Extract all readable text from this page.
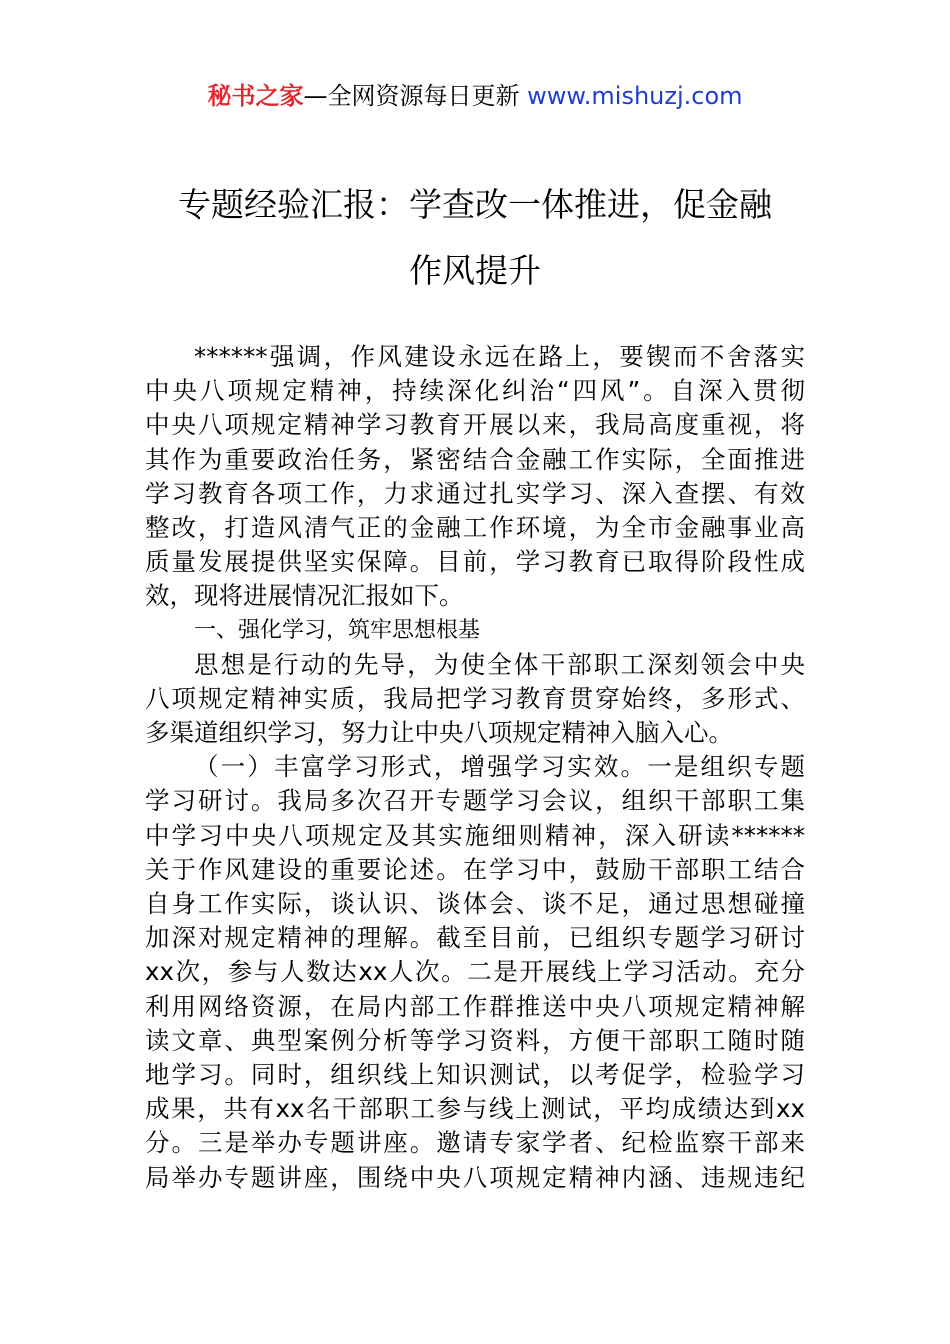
秘书之家—全网资源每日更新 www.mishuzj.com
专题经验汇报：学查改一体推进，促金融
作风提升
******强调，作风建设永远在路上，要锲而不舍落实
中央八项规定精神，持续深化纠治“四风”。自深入贯彻
中央八项规定精神学习教育开展以来，我局高度重视，将
其作为重要政治任务，紧密结合金融工作实际，全面推进
学习教育各项工作，力求通过扎实学习、深入查摆、有效
整改，打造风清气正的金融工作环境，为全市金融事业高
质量发展提供坚实保障。目前，学习教育已取得阶段性成
效，现将进展情况汇报如下。
一、强化学习，筑牢思想根基
思想是行动的先导，为使全体干部职工深刻领会中央
八项规定精神实质，我局把学习教育贯穿始终，多形式、
多渠道组织学习，努力让中央八项规定精神入脑入心。
（一）丰富学习形式，增强学习实效。一是组织专题
学习研讨。我局多次召开专题学习会议，组织干部职工集
中学习中央八项规定及其实施细则精神，深入研读******
关于作风建设的重要论述。在学习中，鼓励干部职工结合
自身工作实际，谈认识、谈体会、谈不足，通过思想碰撞
加深对规定精神的理解。截至目前，已组织专题学习研讨
xx次，参与人数达xx人次。二是开展线上学习活动。充分
利用网络资源，在局内部工作群推送中央八项规定精神解
读文章、典型案例分析等学习资料，方便干部职工随时随
地学习。同时，组织线上知识测试，以考促学，检验学习
成果，共有xx名干部职工参与线上测试，平均成绩达到xx
分。三是举办专题讲座。邀请专家学者、纪检监察干部来
局举办专题讲座，围绕中央八项规定精神内涵、违规违纪
